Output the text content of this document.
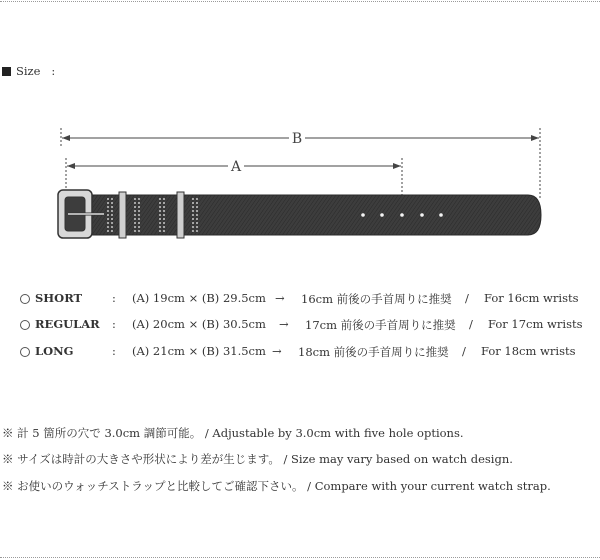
Size :
B
A
SHORT	: (A) 19cm × (B) 29.5cm → 16cm 前後の手首周りに推奨 / For 16cm wrists
REGULAR : (A) 20cm × (B) 30.5cm → 17cm 前後の手首周りに推奨 / For 17cm wrists
LONG	: (A) 21cm × (B) 31.5cm → 18cm 前後の手首周りに推奨 / For 18cm wrists
※ 計 5 箇所の穴で 3.0cm 調節可能。 / Adjustable by 3.0cm with five hole options.
※ サイズは時計の大きさや形状により差が生じます。 / Size may vary based on watch design.
※ お使いのウォッチストラップと比較してご確認下さい。 / Compare with your current watch strap.
